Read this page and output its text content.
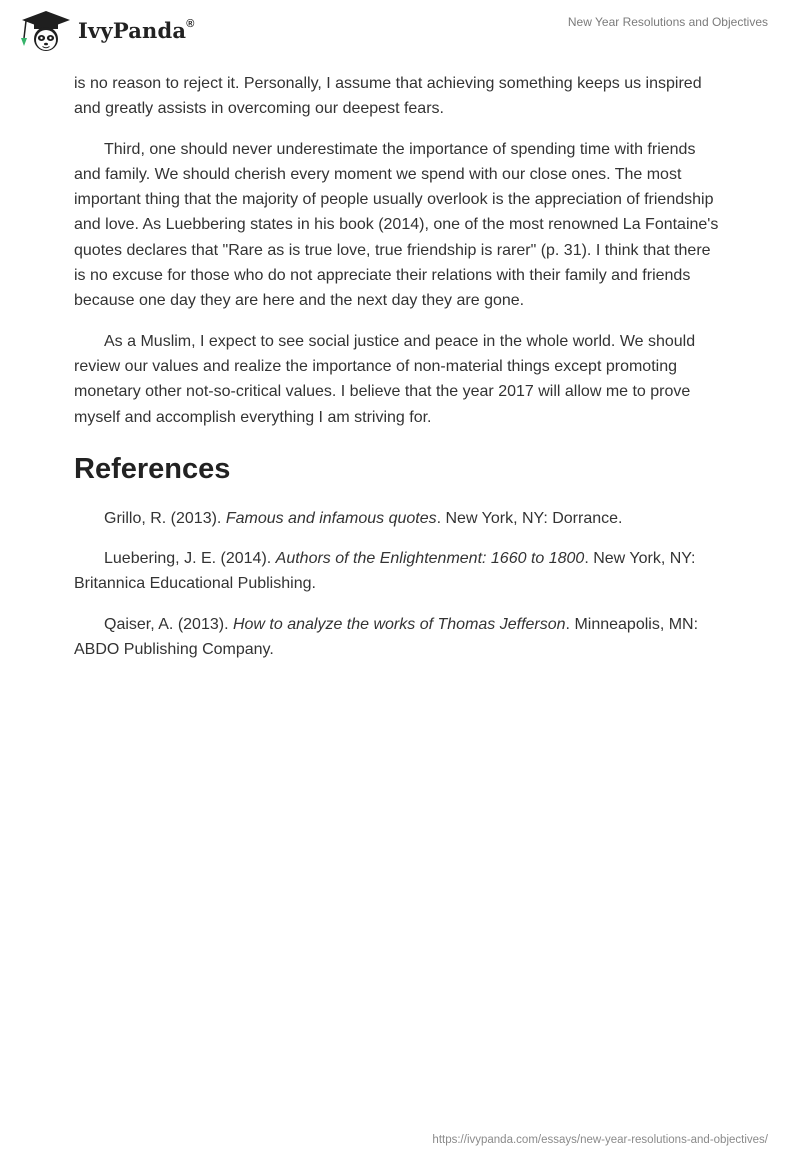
IvyPanda®	New Year Resolutions and Objectives

is no reason to reject it. Personally, I assume that achieving something keeps us inspired and greatly assists in overcoming our deepest fears.

Third, one should never underestimate the importance of spending time with friends and family. We should cherish every moment we spend with our close ones. The most important thing that the majority of people usually overlook is the appreciation of friendship and love. As Luebbering states in his book (2014), one of the most renowned La Fontaine's quotes declares that "Rare as is true love, true friendship is rarer" (p. 31). I think that there is no excuse for those who do not appreciate their relations with their family and friends because one day they are here and the next day they are gone.

As a Muslim, I expect to see social justice and peace in the whole world. We should review our values and realize the importance of non-material things except promoting monetary other not-so-critical values. I believe that the year 2017 will allow me to prove myself and accomplish everything I am striving for.

References

Grillo, R. (2013). Famous and infamous quotes. New York, NY: Dorrance.

Luebering, J. E. (2014). Authors of the Enlightenment: 1660 to 1800. New York, NY: Britannica Educational Publishing.

Qaiser, A. (2013). How to analyze the works of Thomas Jefferson. Minneapolis, MN: ABDO Publishing Company.

https://ivypanda.com/essays/new-year-resolutions-and-objectives/
